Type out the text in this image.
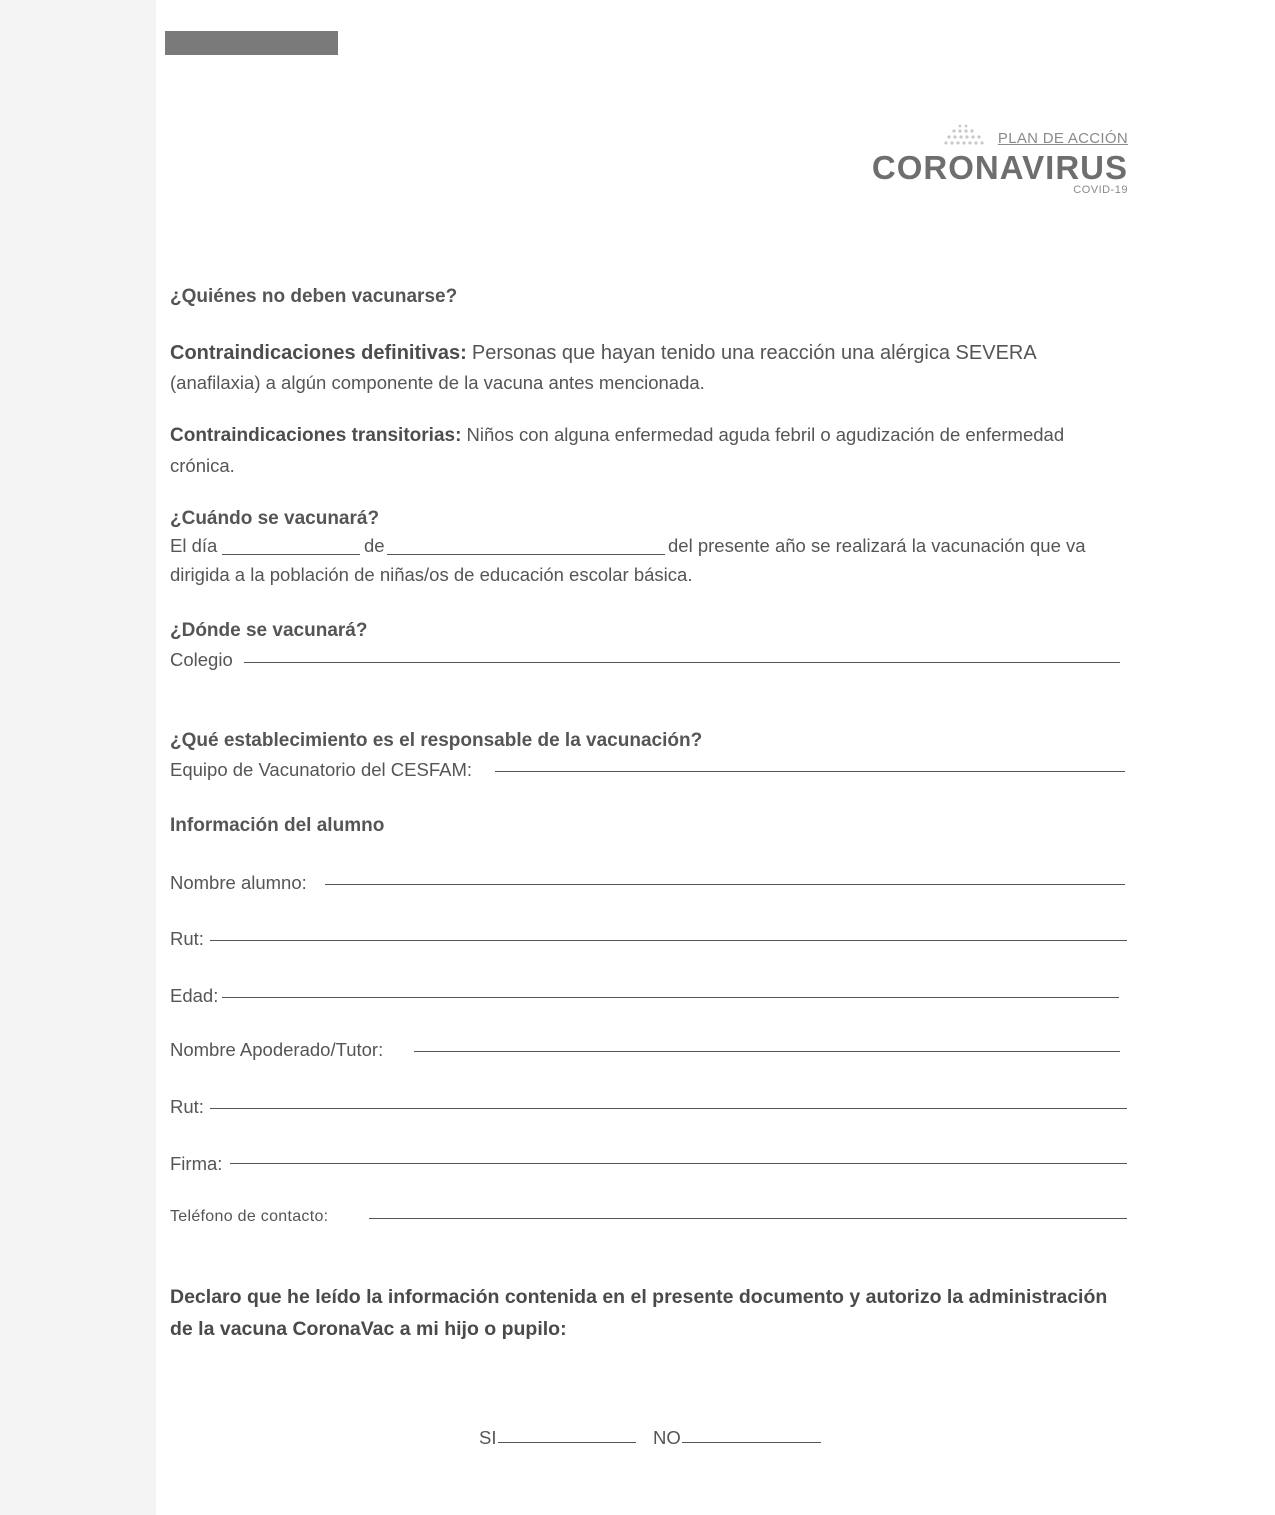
PLAN DE ACCIÓN
CORONAVIRUS
COVID-19
¿Quiénes no deben vacunarse?
Contraindicaciones definitivas: Personas que hayan tenido una reacción una alérgica SEVERA
(anafilaxia) a algún componente de la vacuna antes mencionada.
Contraindicaciones transitorias: Niños con alguna enfermedad aguda febril o agudización de enfermedad
crónica.
¿Cuándo se vacunará?
El día	de	del presente año se realizará la vacunación que va
dirigida a la población de niñas/os de educación escolar básica.
¿Dónde se vacunará?
Colegio
¿Qué establecimiento es el responsable de la vacunación?
Equipo de Vacunatorio del CESFAM:
Información del alumno
Nombre alumno:
Rut:
Edad:
Nombre Apoderado/Tutor:
Rut:
Firma:
Teléfono de contacto:
Declaro que he leído la información contenida en el presente documento y autorizo la administración
de la vacuna CoronaVac a mi hijo o pupilo:
SI	NO
